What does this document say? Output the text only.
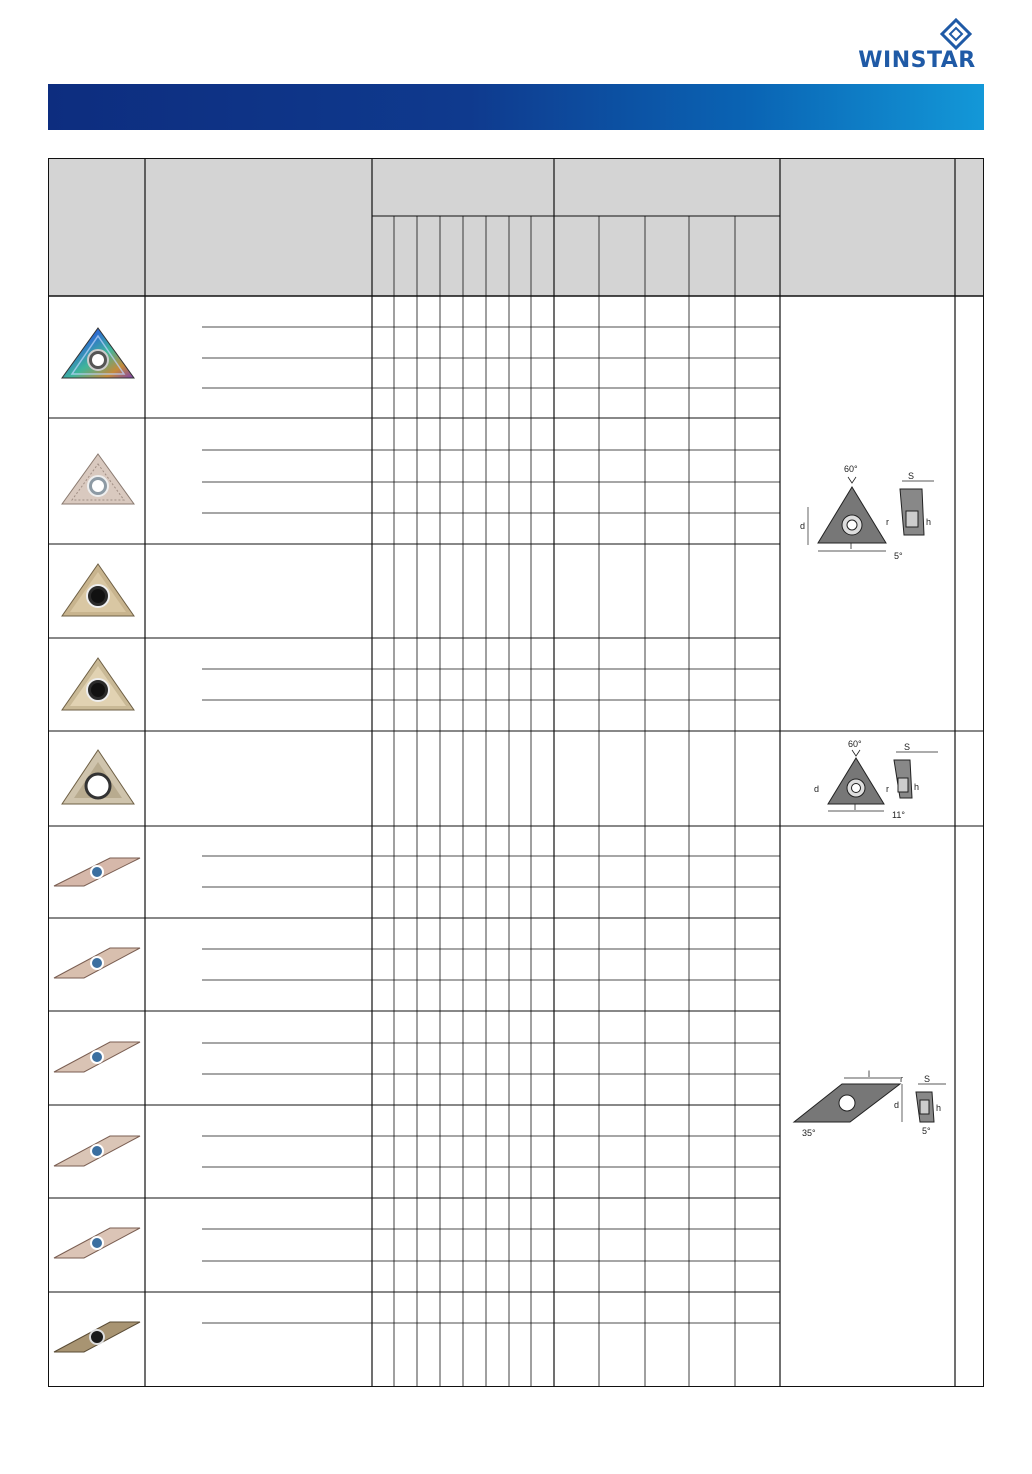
WINSTAR
60°
d
l
r
S
h
5°
60°
d
l
r
S
h
11°
l
d
r
35°
S
h
5°
